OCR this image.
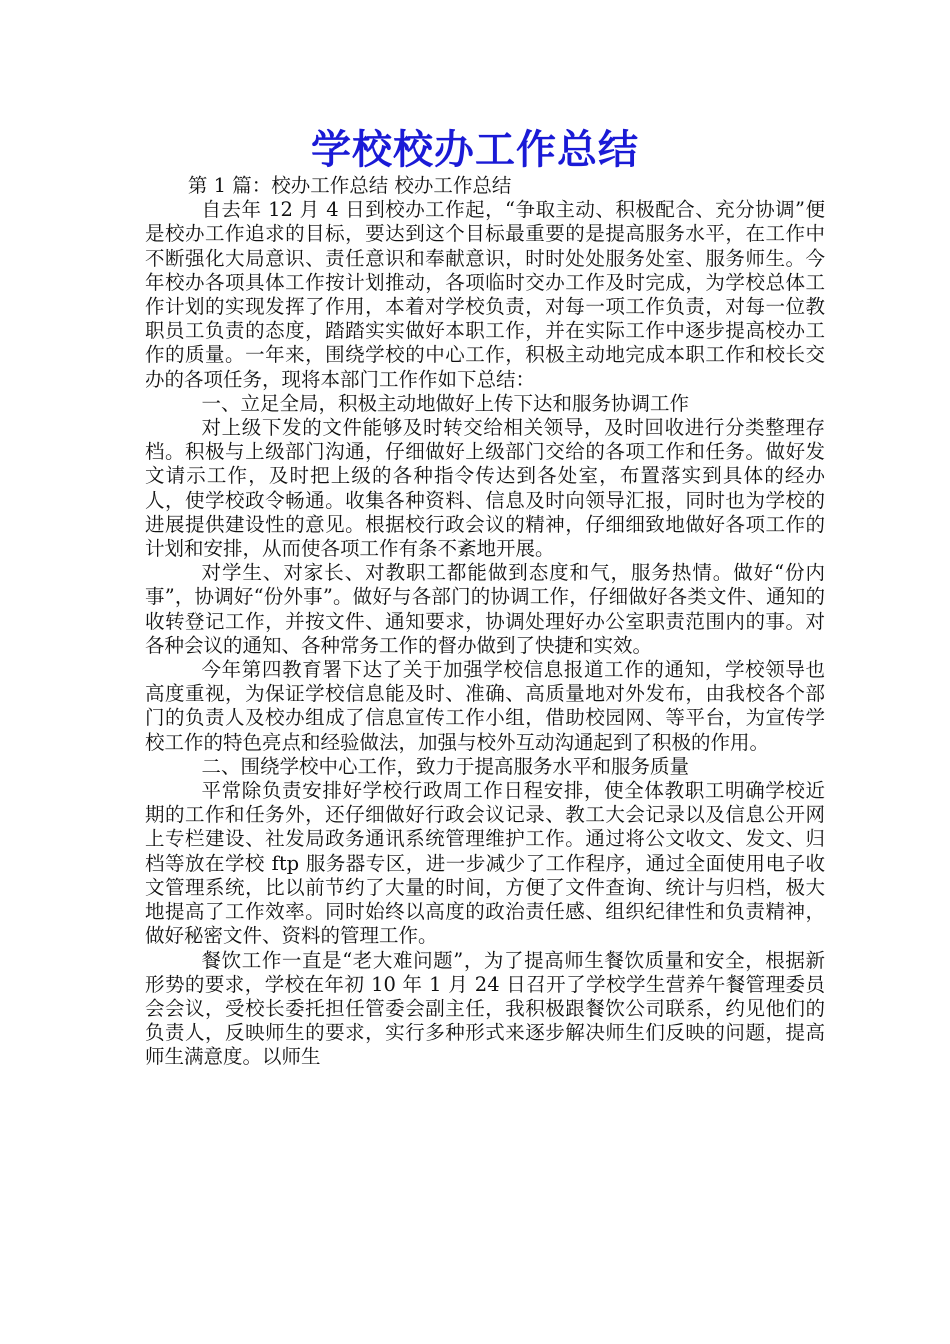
学校校办工作总结

第 1 篇：校办工作总结 校办工作总结

自去年 12 月 4 日到校办工作起，“争取主动、积极配合、充分协调”便是校办工作追求的目标，要达到这个目标最重要的是提高服务水平，在工作中不断强化大局意识、责任意识和奉献意识，时时处处服务处室、服务师生。今年校办各项具体工作按计划推动，各项临时交办工作及时完成，为学校总体工作计划的实现发挥了作用，本着对学校负责，对每一项工作负责，对每一位教职员工负责的态度，踏踏实实做好本职工作，并在实际工作中逐步提高校办工作的质量。一年来，围绕学校的中心工作，积极主动地完成本职工作和校长交办的各项任务，现将本部门工作作如下总结：

一、立足全局，积极主动地做好上传下达和服务协调工作

对上级下发的文件能够及时转交给相关领导，及时回收进行分类整理存档。积极与上级部门沟通，仔细做好上级部门交给的各项工作和任务。做好发文请示工作，及时把上级的各种指令传达到各处室，布置落实到具体的经办人，使学校政令畅通。收集各种资料、信息及时向领导汇报，同时也为学校的进展提供建设性的意见。根据校行政会议的精神，仔细细致地做好各项工作的计划和安排，从而使各项工作有条不紊地开展。

对学生、对家长、对教职工都能做到态度和气，服务热情。做好“份内事”，协调好“份外事”。做好与各部门的协调工作，仔细做好各类文件、通知的收转登记工作，并按文件、通知要求，协调处理好办公室职责范围内的事。对各种会议的通知、各种常务工作的督办做到了快捷和实效。

今年第四教育署下达了关于加强学校信息报道工作的通知，学校领导也高度重视，为保证学校信息能及时、准确、高质量地对外发布，由我校各个部门的负责人及校办组成了信息宣传工作小组，借助校园网、等平台，为宣传学校工作的特色亮点和经验做法，加强与校外互动沟通起到了积极的作用。

二、围绕学校中心工作，致力于提高服务水平和服务质量

平常除负责安排好学校行政周工作日程安排，使全体教职工明确学校近期的工作和任务外，还仔细做好行政会议记录、教工大会记录以及信息公开网上专栏建设、社发局政务通讯系统管理维护工作。通过将公文收文、发文、归档等放在学校 ftp 服务器专区，进一步减少了工作程序，通过全面使用电子收文管理系统，比以前节约了大量的时间，方便了文件查询、统计与归档，极大地提高了工作效率。同时始终以高度的政治责任感、组织纪律性和负责精神，做好秘密文件、资料的管理工作。

餐饮工作一直是“老大难问题”，为了提高师生餐饮质量和安全，根据新形势的要求，学校在年初 10 年 1 月 24 日召开了学校学生营养午餐管理委员会会议，受校长委托担任管委会副主任，我积极跟餐饮公司联系，约见他们的负责人，反映师生的要求，实行多种形式来逐步解决师生们反映的问题，提高师生满意度。以师生
